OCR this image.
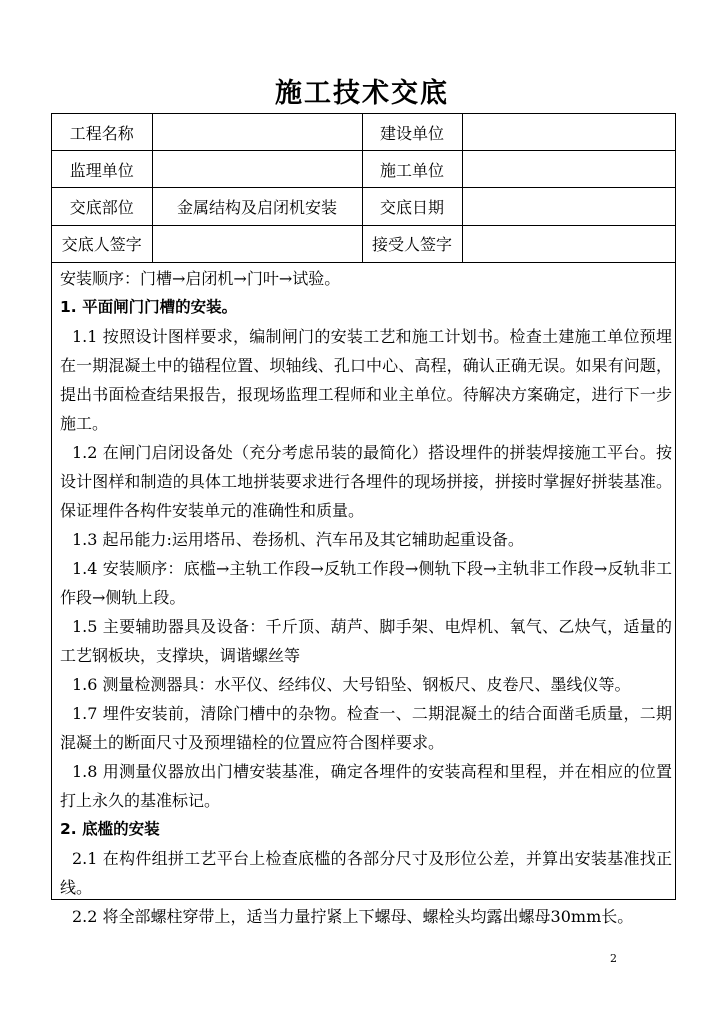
施工技术交底
工程名称		建设单位	
监理单位		施工单位	
交底部位	金属结构及启闭机安装	交底日期	
交底人签字		接受人签字	

安装顺序：门槽→启闭机→门叶→试验。

1. 平面闸门门槽的安装。

1.1 按照设计图样要求，编制闸门的安装工艺和施工计划书。检查土建施工单位预埋在一期混凝土中的锚程位置、坝轴线、孔口中心、高程，确认正确无误。如果有问题，提出书面检查结果报告，报现场监理工程师和业主单位。待解决方案确定，进行下一步施工。

1.2 在闸门启闭设备处（充分考虑吊装的最简化）搭设埋件的拼装焊接施工平台。按设计图样和制造的具体工地拼装要求进行各埋件的现场拼接，拼接时掌握好拼装基准。保证埋件各构件安装单元的准确性和质量。

1.3 起吊能力:运用塔吊、卷扬机、汽车吊及其它辅助起重设备。

1.4 安装顺序：底槛→主轨工作段→反轨工作段→侧轨下段→主轨非工作段→反轨非工作段→侧轨上段。

1.5 主要辅助器具及设备：千斤顶、葫芦、脚手架、电焊机、氧气、乙炔气，适量的工艺钢板块，支撑块，调谐螺丝等

1.6 测量检测器具：水平仪、经纬仪、大号铅坠、钢板尺、皮卷尺、墨线仪等。

1.7 埋件安装前，清除门槽中的杂物。检查一、二期混凝土的结合面凿毛质量，二期混凝土的断面尺寸及预埋锚栓的位置应符合图样要求。

1.8 用测量仪器放出门槽安装基准，确定各埋件的安装高程和里程，并在相应的位置打上永久的基准标记。

2. 底槛的安装

2.1 在构件组拼工艺平台上检查底槛的各部分尺寸及形位公差，并算出安装基准找正线。

2.2 将全部螺柱穿带上，适当力量拧紧上下螺母、螺栓头均露出螺母30mm长。

2
